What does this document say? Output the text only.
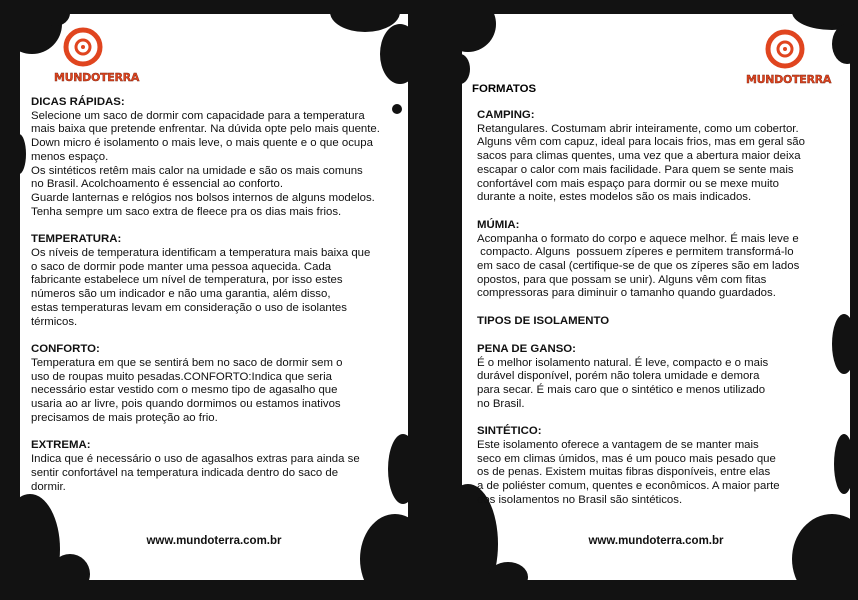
MUNDOTERRA

DICAS RÁPIDAS:

Selecione um saco de dormir com capacidade para a temperatura

mais baixa que pretende enfrentar. Na dúvida opte pelo mais quente.

Down micro é isolamento o mais leve, o mais quente e o que ocupa

menos espaço.

Os sintéticos retêm mais calor na umidade e são os mais comuns

no Brasil. Acolchoamento é essencial ao conforto.

Guarde lanternas e relógios nos bolsos internos de alguns modelos.

Tenha sempre um saco extra de fleece pra os dias mais frios.

TEMPERATURA:

Os níveis de temperatura identificam a temperatura mais baixa que

o saco de dormir pode manter uma pessoa aquecida. Cada

fabricante estabelece um nível de temperatura, por isso estes

números são um indicador e não uma garantia, além disso,

estas temperaturas levam em consideração o uso de isolantes

térmicos.

CONFORTO:

Temperatura em que se sentirá bem no saco de dormir sem o

uso de roupas muito pesadas.CONFORTO:Indica que seria

necessário estar vestido com o mesmo tipo de agasalho que

usaria ao ar livre, pois quando dormimos ou estamos inativos

precisamos de mais proteção ao frio.

EXTREMA:

Indica que é necessário o uso de agasalhos extras para ainda se

sentir confortável na temperatura indicada dentro do saco de

dormir.

www.mundoterra.com.br
MUNDOTERRA
FORMATOS

CAMPING:

Retangulares. Costumam abrir inteiramente, como um cobertor.

Alguns vêm com capuz, ideal para locais frios, mas em geral são

sacos para climas quentes, uma vez que a abertura maior deixa

escapar o calor com mais facilidade. Para quem se sente mais

confortável com mais espaço para dormir ou se mexe muito

durante a noite, estes modelos são os mais indicados.

MÚMIA:

Acompanha o formato do corpo e aquece melhor. É mais leve e

compacto. Alguns  possuem zíperes e permitem transformá-lo

em saco de casal (certifique-se de que os zíperes são em lados

opostos, para que possam se unir). Alguns vêm com fitas

compressoras para diminuir o tamanho quando guardados.

TIPOS DE ISOLAMENTO

PENA DE GANSO:

É o melhor isolamento natural. É leve, compacto e o mais

durável disponível, porém não tolera umidade e demora

para secar. É mais caro que o sintético e menos utilizado

no Brasil.

SINTÉTICO:

Este isolamento oferece a vantagem de se manter mais

seco em climas úmidos, mas é um pouco mais pesado que

os de penas. Existem muitas fibras disponíveis, entre elas

a de poliéster comum, quentes e econômicos. A maior parte

dos isolamentos no Brasil são sintéticos.

www.mundoterra.com.br
